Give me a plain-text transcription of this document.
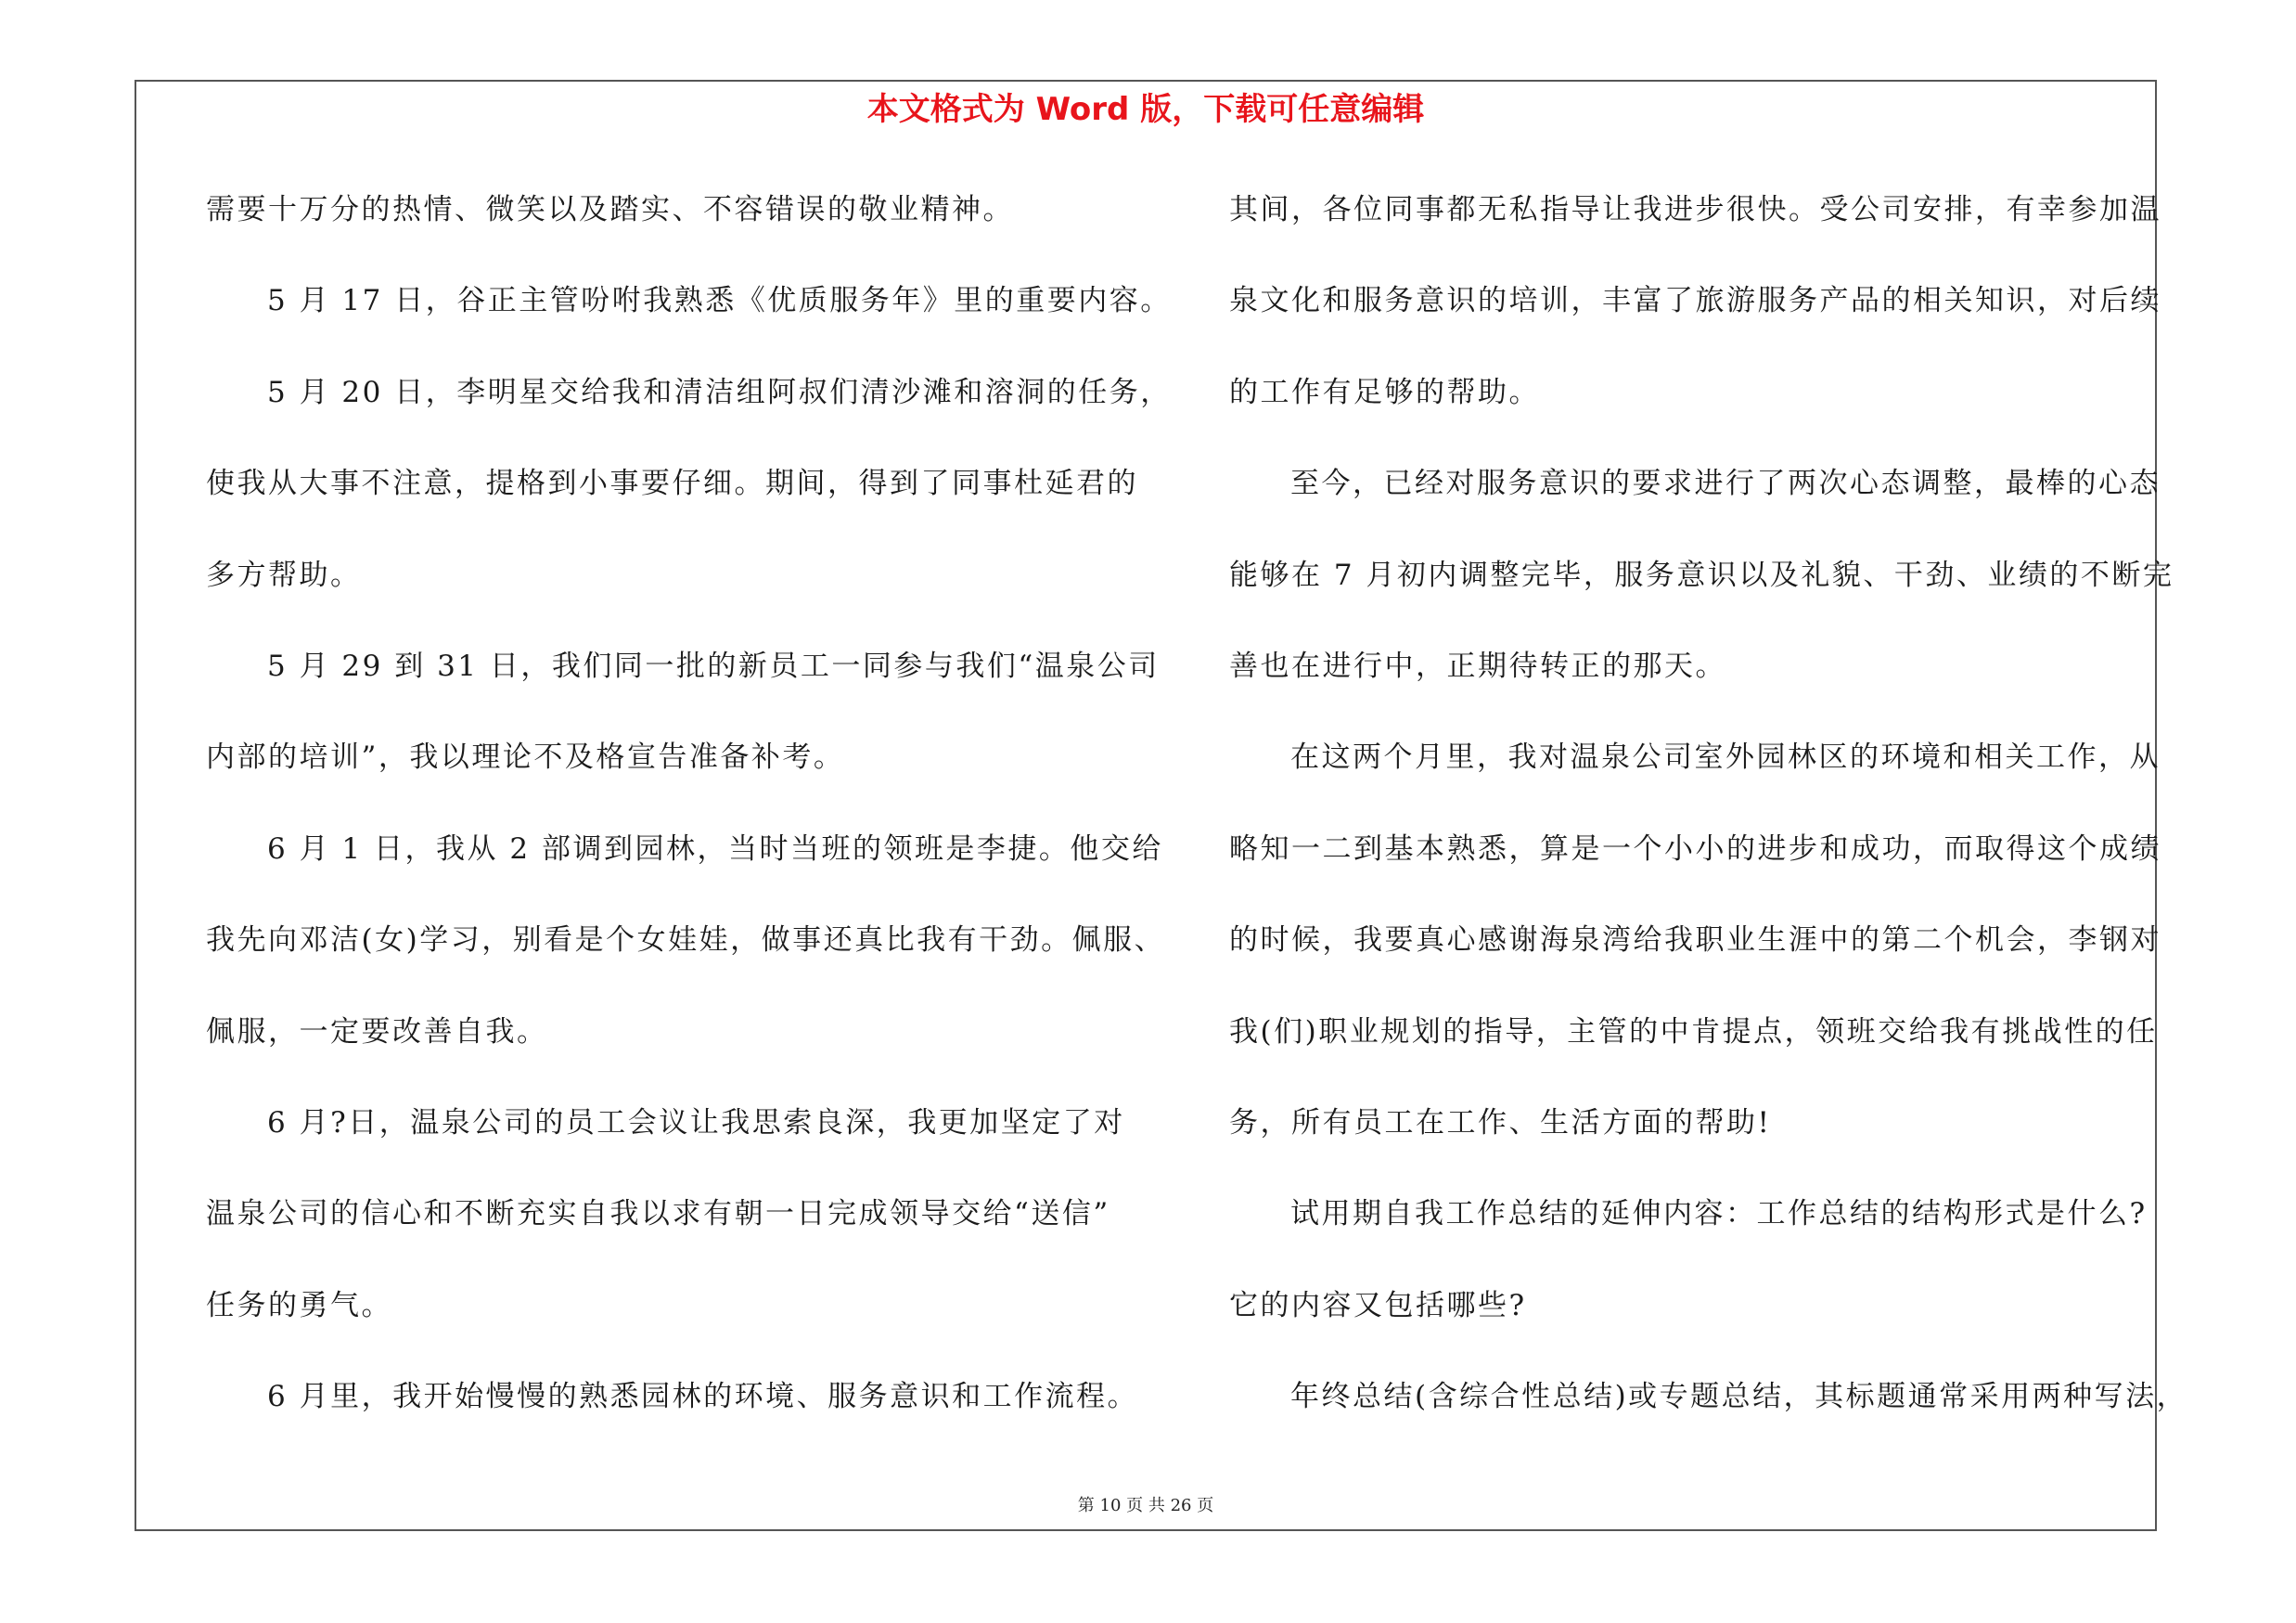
本文格式为 Word 版，下载可任意编辑
需要十万分的热情、微笑以及踏实、不容错误的敬业精神。
5 月 17 日，谷正主管吩咐我熟悉《优质服务年》里的重要内容。
5 月 20 日，李明星交给我和清洁组阿叔们清沙滩和溶洞的任务，
使我从大事不注意，提格到小事要仔细。期间，得到了同事杜延君的
多方帮助。
5 月 29 到 31 日，我们同一批的新员工一同参与我们“温泉公司
内部的培训”，我以理论不及格宣告准备补考。
6 月 1 日，我从 2 部调到园林，当时当班的领班是李捷。他交给
我先向邓洁(女)学习，别看是个女娃娃，做事还真比我有干劲。佩服、
佩服，一定要改善自我。
6 月?日，温泉公司的员工会议让我思索良深，我更加坚定了对
温泉公司的信心和不断充实自我以求有朝一日完成领导交给“送信”
任务的勇气。
6 月里，我开始慢慢的熟悉园林的环境、服务意识和工作流程。
其间，各位同事都无私指导让我进步很快。受公司安排，有幸参加温
泉文化和服务意识的培训，丰富了旅游服务产品的相关知识，对后续
的工作有足够的帮助。
至今，已经对服务意识的要求进行了两次心态调整，最棒的心态
能够在 7 月初内调整完毕，服务意识以及礼貌、干劲、业绩的不断完
善也在进行中，正期待转正的那天。
在这两个月里，我对温泉公司室外园林区的环境和相关工作，从
略知一二到基本熟悉，算是一个小小的进步和成功，而取得这个成绩
的时候，我要真心感谢海泉湾给我职业生涯中的第二个机会，李钢对
我(们)职业规划的指导，主管的中肯提点，领班交给我有挑战性的任
务，所有员工在工作、生活方面的帮助!
试用期自我工作总结的延伸内容：工作总结的结构形式是什么?
它的内容又包括哪些?
年终总结(含综合性总结)或专题总结，其标题通常采用两种写法，
第 10 页 共 26 页
